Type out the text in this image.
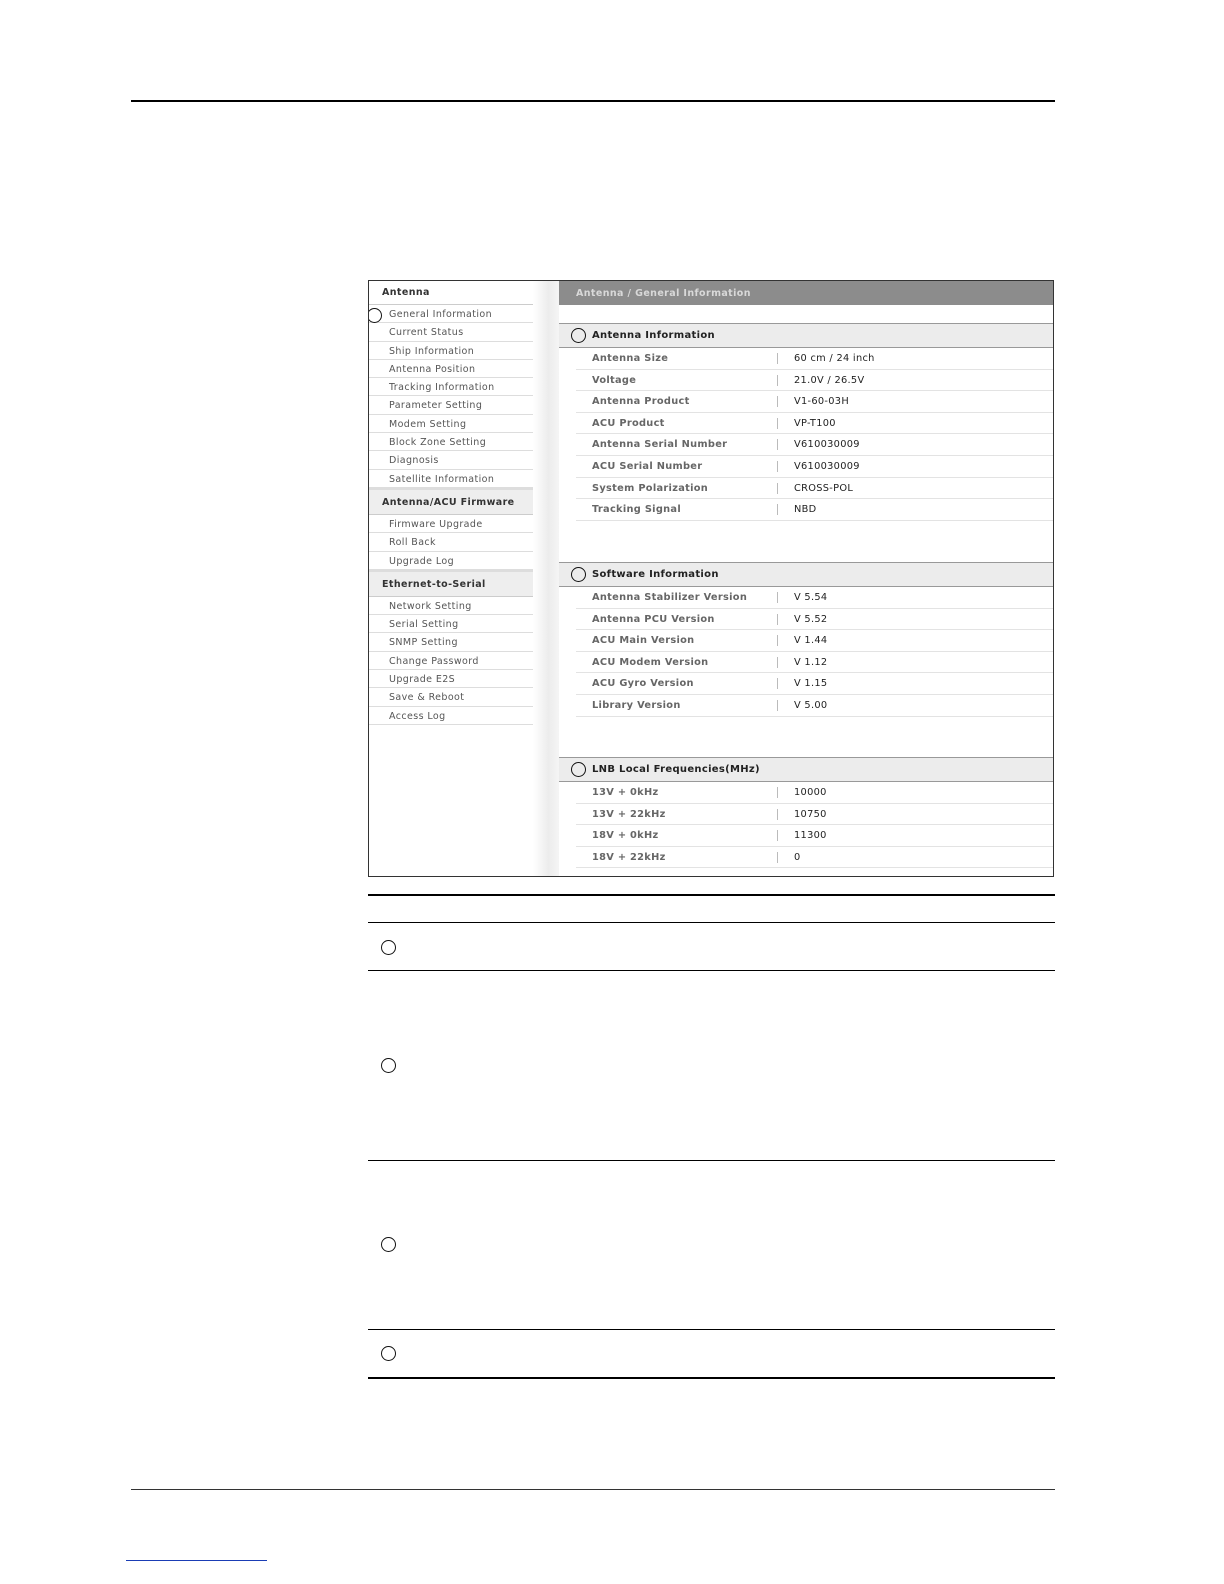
Antenna
General Information
Current Status
Ship Information
Antenna Position
Tracking Information
Parameter Setting
Modem Setting
Block Zone Setting
Diagnosis
Satellite Information
Antenna/ACU Firmware
Firmware Upgrade
Roll Back
Upgrade Log
Ethernet-to-Serial
Network Setting
Serial Setting
SNMP Setting
Change Password
Upgrade E2S
Save & Reboot
Access Log
Antenna / General Information
Antenna Information
Antenna Size	60 cm / 24 inch
Voltage	21.0V / 26.5V
Antenna Product	V1-60-03H
ACU Product	VP-T100
Antenna Serial Number	V610030009
ACU Serial Number	V610030009
System Polarization	CROSS-POL
Tracking Signal	NBD
Software Information
Antenna Stabilizer Version	V 5.54
Antenna PCU Version	V 5.52
ACU Main Version	V 1.44
ACU Modem Version	V 1.12
ACU Gyro Version	V 1.15
Library Version	V 5.00
LNB Local Frequencies(MHz)
13V + 0kHz	10000
13V + 22kHz	10750
18V + 0kHz	11300
18V + 22kHz	0
